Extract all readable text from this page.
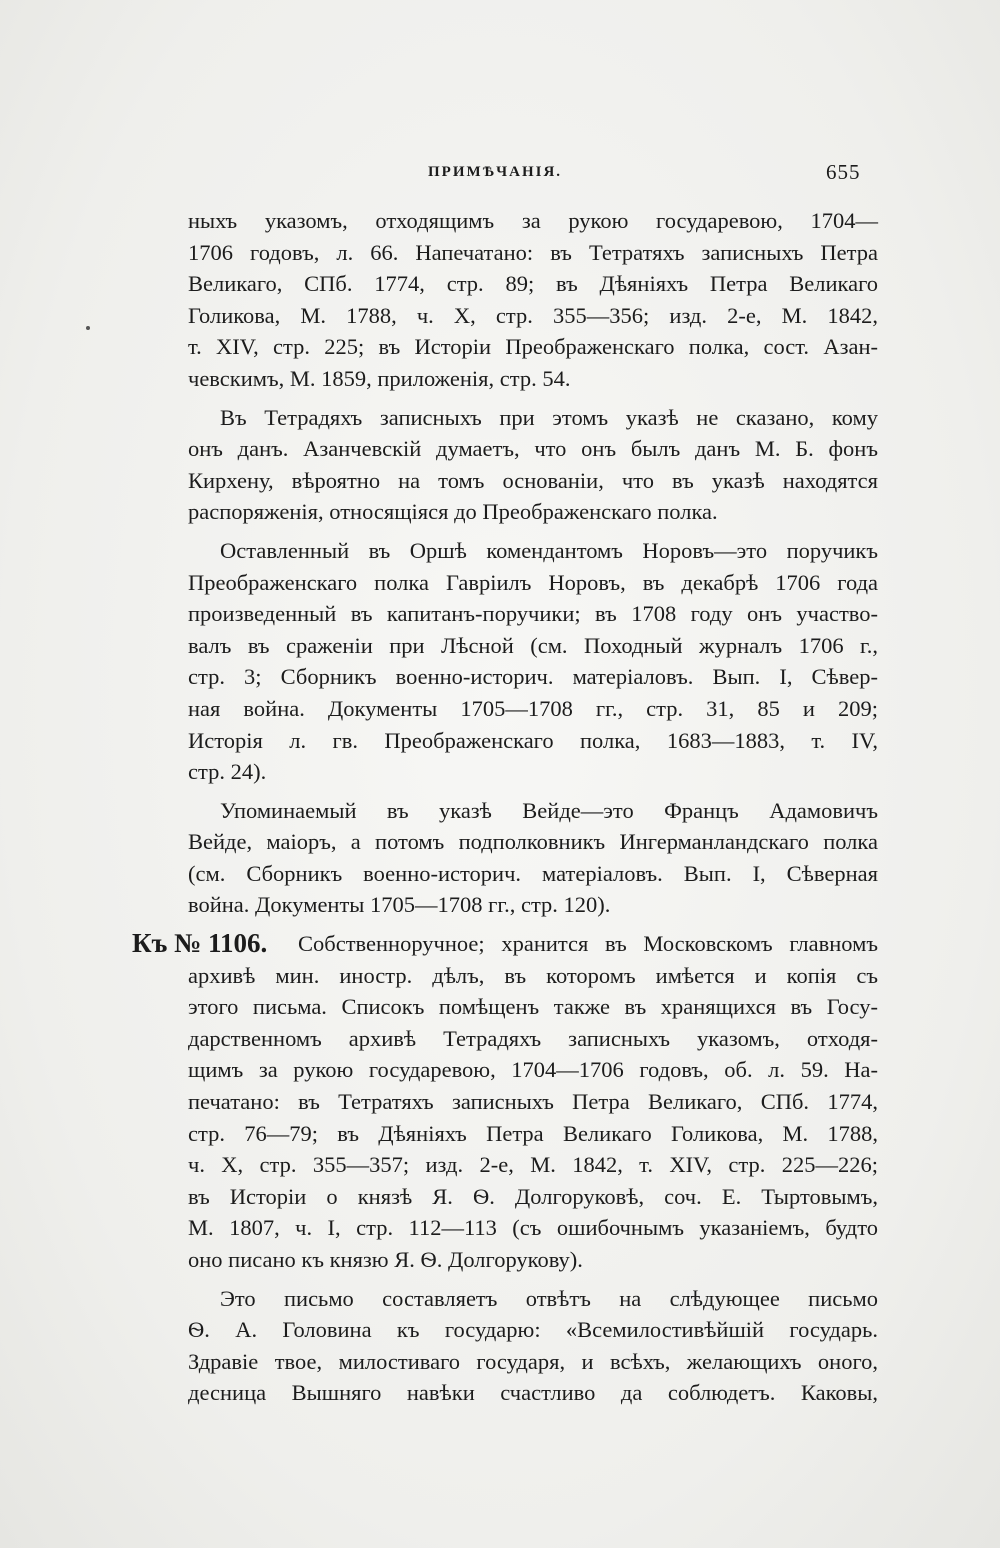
ПРИМѢЧАНІЯ.	655
ныхъ указомъ, отходящимъ за рукою государевою, 1704—
1706 годовъ, л. 66. Напечатано: въ Тетратяхъ записныхъ Петра
Великаго, СПб. 1774, стр. 89; въ Дѣяніяхъ Петра Великаго
Голикова, М. 1788, ч. X, стр. 355—356; изд. 2-е, М. 1842,
т. XIV, стр. 225; въ Исторіи Преображенскаго полка, сост. Азан-
чевскимъ, М. 1859, приложенія, стр. 54.
Въ Тетрадяхъ записныхъ при этомъ указѣ не сказано, кому
онъ данъ. Азанчевскій думаетъ, что онъ былъ данъ М. Б. фонъ
Кирхену, вѣроятно на томъ основаніи, что въ указѣ находятся
распоряженія, относящіяся до Преображенскаго полка.
Оставленный въ Оршѣ комендантомъ Норовъ—это поручикъ
Преображенскаго полка Гавріилъ Норовъ, въ декабрѣ 1706 года
произведенный въ капитанъ-поручики; въ 1708 году онъ участво-
валъ въ сраженіи при Лѣсной (см. Походный журналъ 1706 г.,
стр. 3; Сборникъ военно-историч. матеріаловъ. Вып. I, Сѣвер-
ная война. Документы 1705—1708 гг., стр. 31, 85 и 209;
Исторія л. гв. Преображенскаго полка, 1683—1883, т. IV,
стр. 24).
Упоминаемый въ указѣ Вейде—это Францъ Адамовичъ
Вейде, маіоръ, а потомъ подполковникъ Ингерманландскаго полка
(см. Сборникъ военно-историч. матеріаловъ. Вып. I, Сѣверная
война. Документы 1705—1708 гг., стр. 120).
Къ № 1106.	Собственноручное; хранится въ Московскомъ главномъ
архивѣ мин. иностр. дѣлъ, въ которомъ имѣется и копія съ
этого письма. Списокъ помѣщенъ также въ хранящихся въ Госу-
дарственномъ архивѣ Тетрадяхъ записныхъ указомъ, отходя-
щимъ за рукою государевою, 1704—1706 годовъ, об. л. 59. На-
печатано: въ Тетратяхъ записныхъ Петра Великаго, СПб. 1774,
стр. 76—79; въ Дѣяніяхъ Петра Великаго Голикова, М. 1788,
ч. X, стр. 355—357; изд. 2-е, М. 1842, т. XIV, стр. 225—226;
въ Исторіи о князѣ Я. Ѳ. Долгоруковѣ, соч. Е. Тыртовымъ,
М. 1807, ч. I, стр. 112—113 (съ ошибочнымъ указаніемъ, будто
оно писано къ князю Я. Ѳ. Долгорукову).
Это письмо составляетъ отвѣтъ на слѣдующее письмо
Ѳ. А. Головина къ государю: «Всемилостивѣйшій государь.
Здравіе твое, милостиваго государя, и всѣхъ, желающихъ оного,
десница Вышняго навѣки счастливо да соблюдетъ. Каковы,
